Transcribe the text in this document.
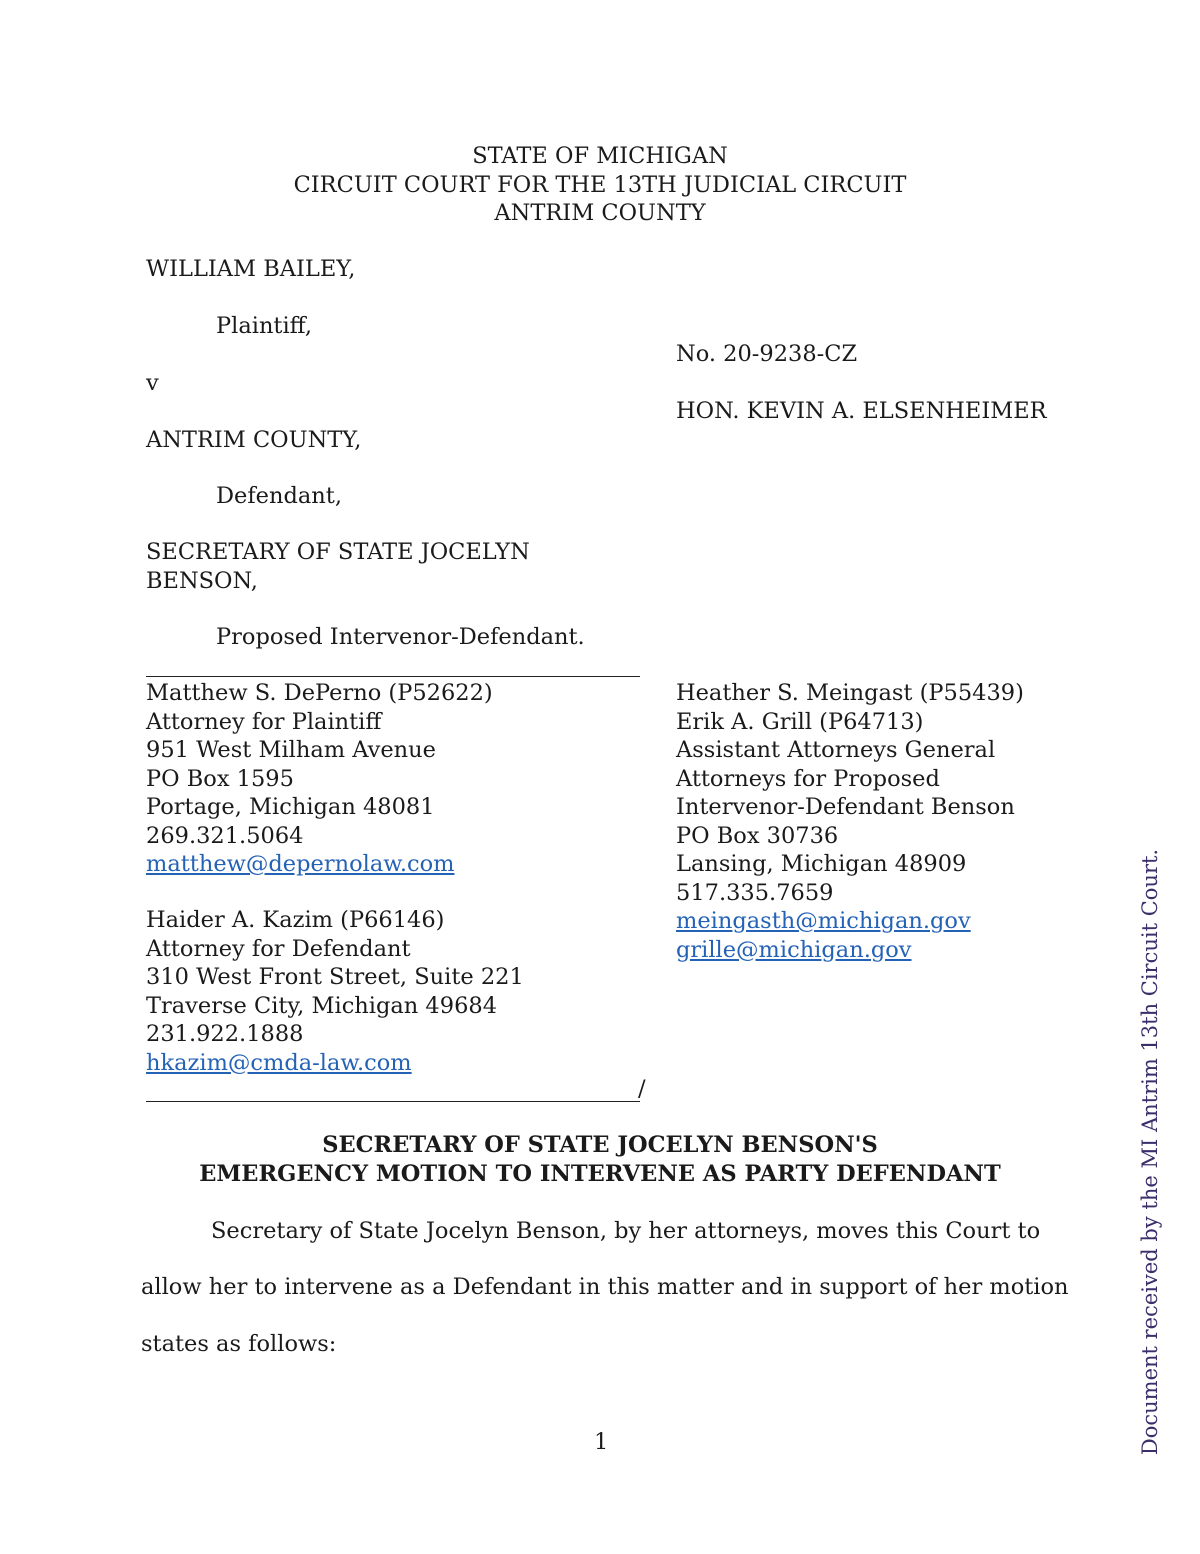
STATE OF MICHIGAN
CIRCUIT COURT FOR THE 13TH JUDICIAL CIRCUIT
ANTRIM COUNTY
WILLIAM BAILEY,
Plaintiff,
v
ANTRIM COUNTY,
Defendant,
SECRETARY OF STATE JOCELYN
BENSON,
Proposed Intervenor-Defendant.
No. 20-9238-CZ
HON. KEVIN A. ELSENHEIMER
Matthew S. DePerno (P52622)
Attorney for Plaintiff
951 West Milham Avenue
PO Box 1595
Portage, Michigan 48081
269.321.5064
matthew@depernolaw.com
Haider A. Kazim (P66146)
Attorney for Defendant
310 West Front Street, Suite 221
Traverse City, Michigan 49684
231.922.1888
hkazim@cmda-law.com
Heather S. Meingast (P55439)
Erik A. Grill (P64713)
Assistant Attorneys General
Attorneys for Proposed
Intervenor-Defendant Benson
PO Box 30736
Lansing, Michigan 48909
517.335.7659
meingasth@michigan.gov
grille@michigan.gov
/
SECRETARY OF STATE JOCELYN BENSON'S
EMERGENCY MOTION TO INTERVENE AS PARTY DEFENDANT
Secretary of State Jocelyn Benson, by her attorneys, moves this Court to
allow her to intervene as a Defendant in this matter and in support of her motion
states as follows:
1	Document received by the MI Antrim 13th Circuit Court.
